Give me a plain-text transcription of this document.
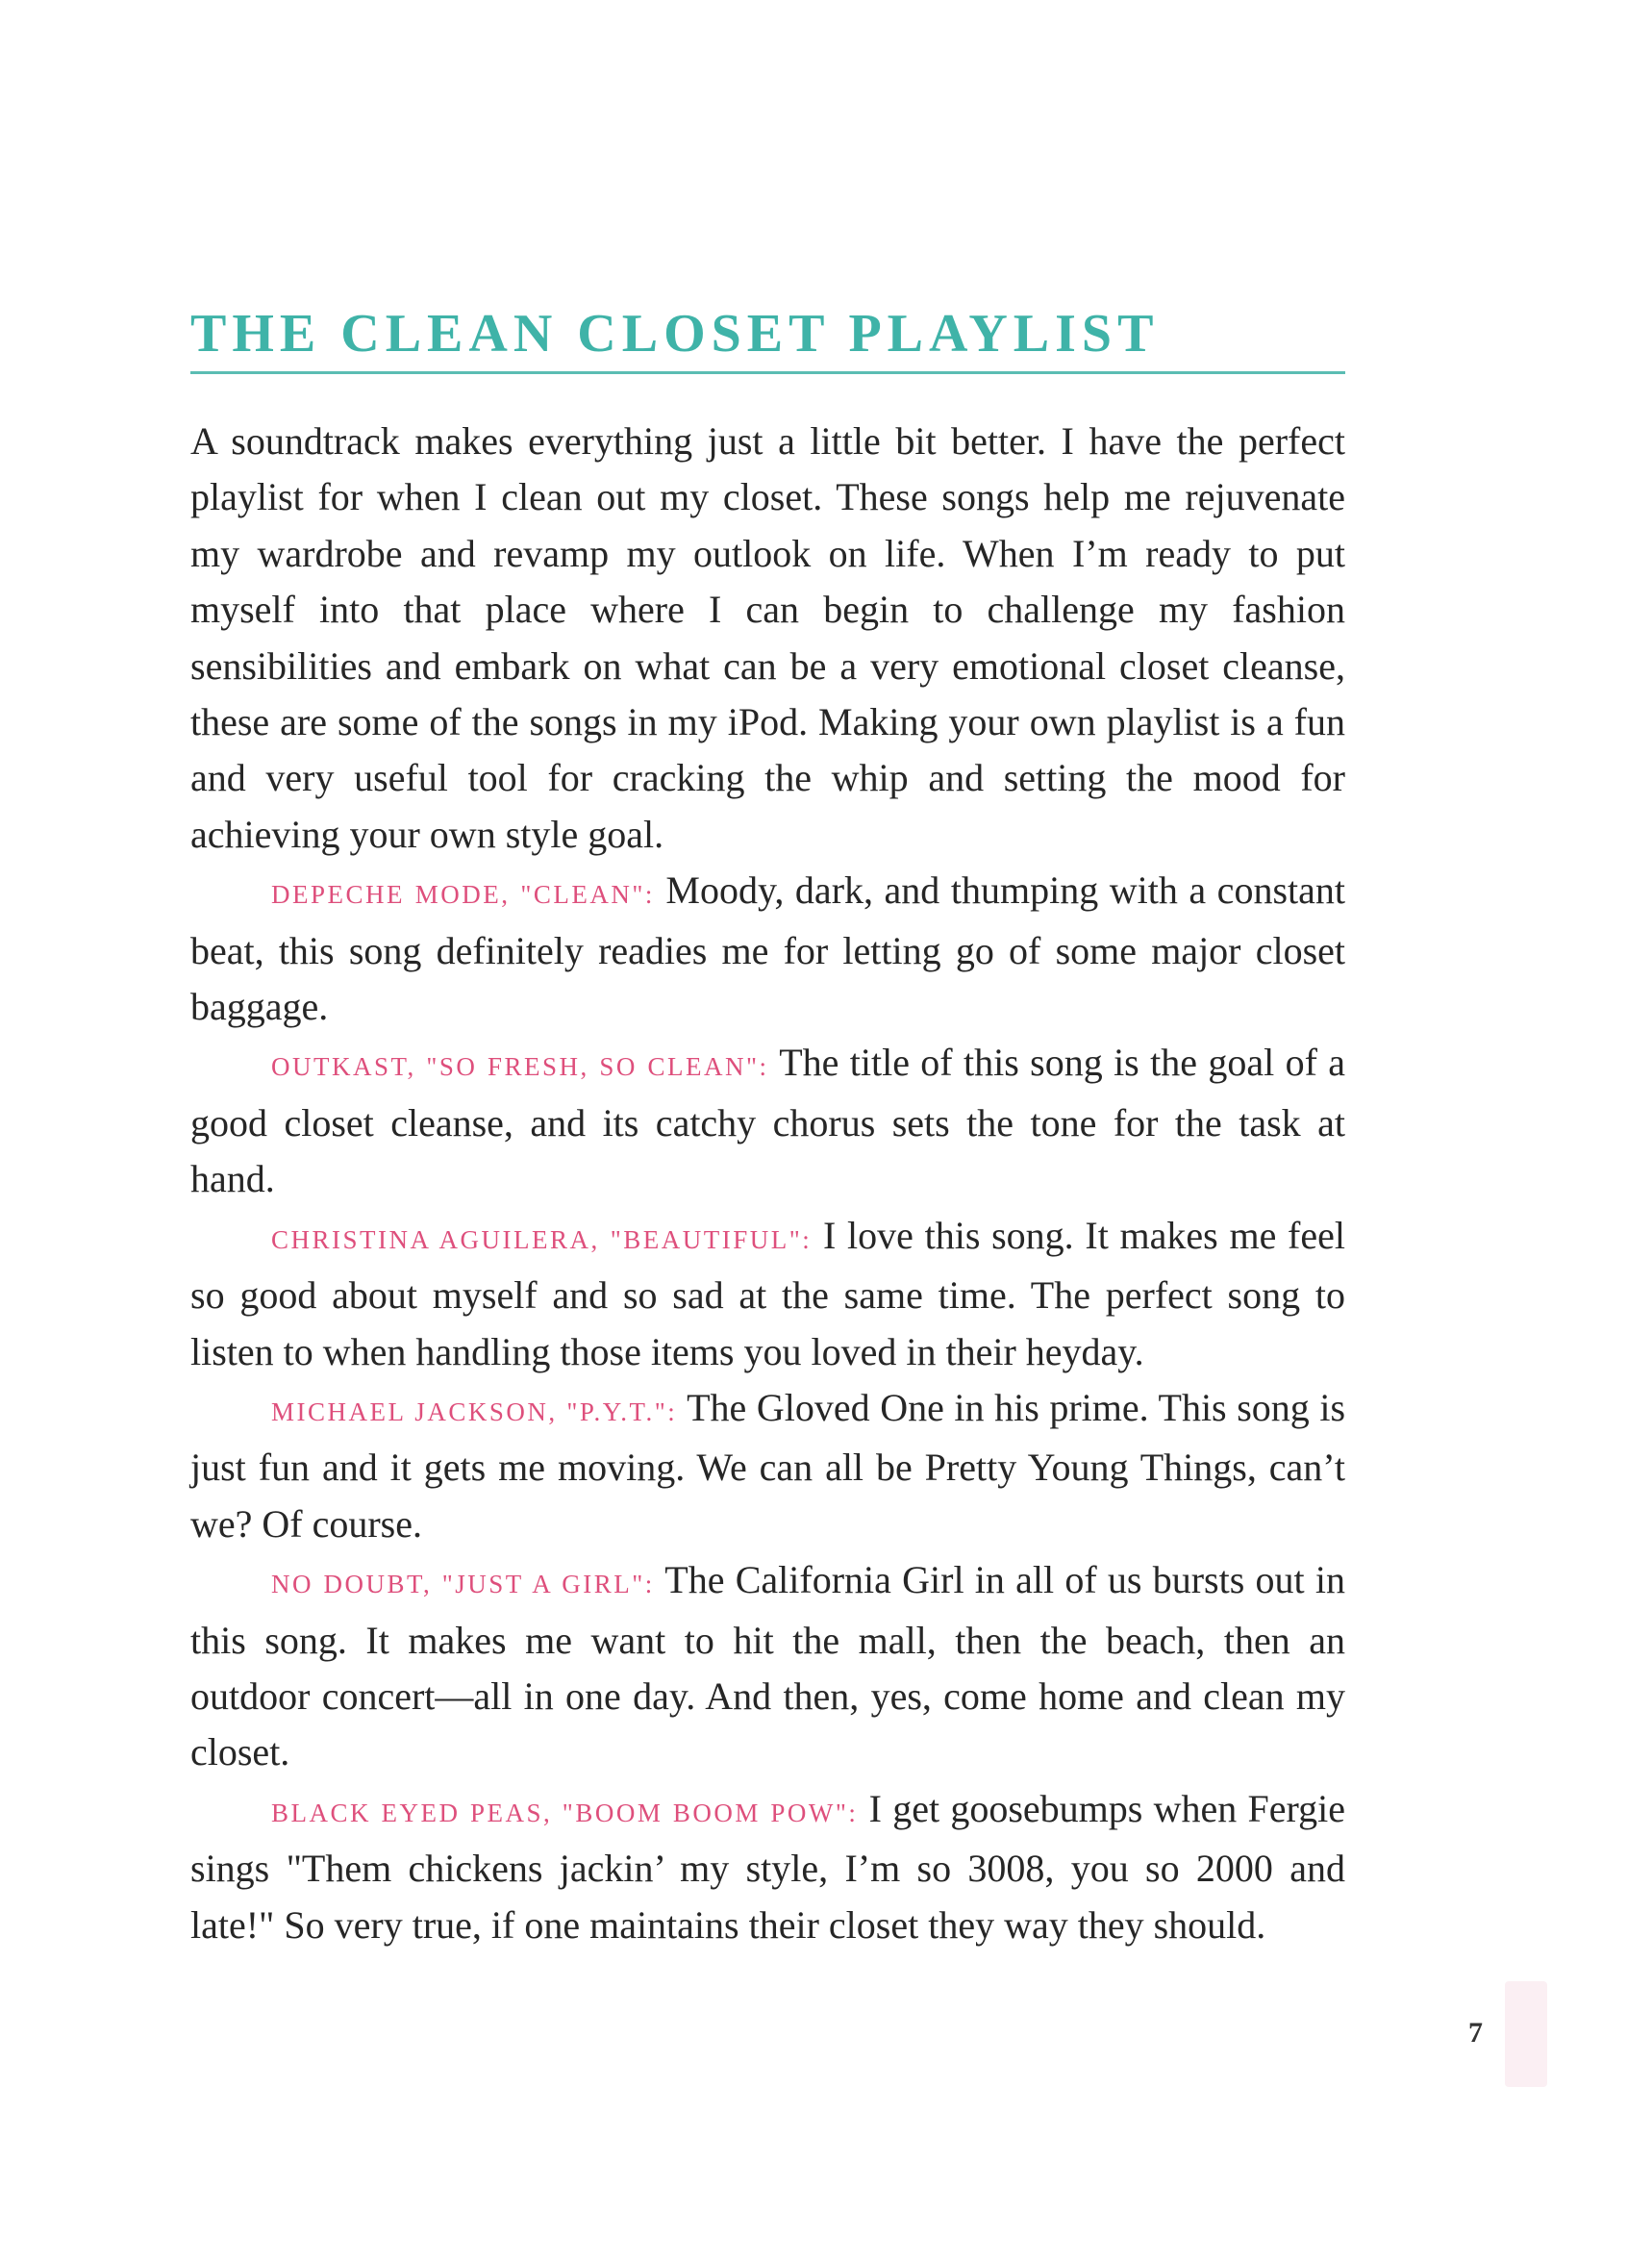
THE CLEAN CLOSET PLAYLIST

A soundtrack makes everything just a little bit better. I have the perfect playlist for when I clean out my closet. These songs help me rejuvenate my wardrobe and revamp my outlook on life. When I’m ready to put myself into that place where I can begin to challenge my fashion sensibilities and embark on what can be a very emotional closet cleanse, these are some of the songs in my iPod. Making your own playlist is a fun and very useful tool for cracking the whip and setting the mood for achieving your own style goal.

DEPECHE MODE, "CLEAN": Moody, dark, and thumping with a constant beat, this song definitely readies me for letting go of some major closet baggage.

OUTKAST, "SO FRESH, SO CLEAN": The title of this song is the goal of a good closet cleanse, and its catchy chorus sets the tone for the task at hand.

CHRISTINA AGUILERA, "BEAUTIFUL": I love this song. It makes me feel so good about myself and so sad at the same time. The perfect song to listen to when handling those items you loved in their heyday.

MICHAEL JACKSON, "P.Y.T.": The Gloved One in his prime. This song is just fun and it gets me moving. We can all be Pretty Young Things, can’t we? Of course.

NO DOUBT, "JUST A GIRL": The California Girl in all of us bursts out in this song. It makes me want to hit the mall, then the beach, then an outdoor concert—all in one day. And then, yes, come home and clean my closet.

BLACK EYED PEAS, "BOOM BOOM POW": I get goosebumps when Fergie sings "Them chickens jackin’ my style, I’m so 3008, you so 2000 and late!" So very true, if one maintains their closet they way they should.

7
